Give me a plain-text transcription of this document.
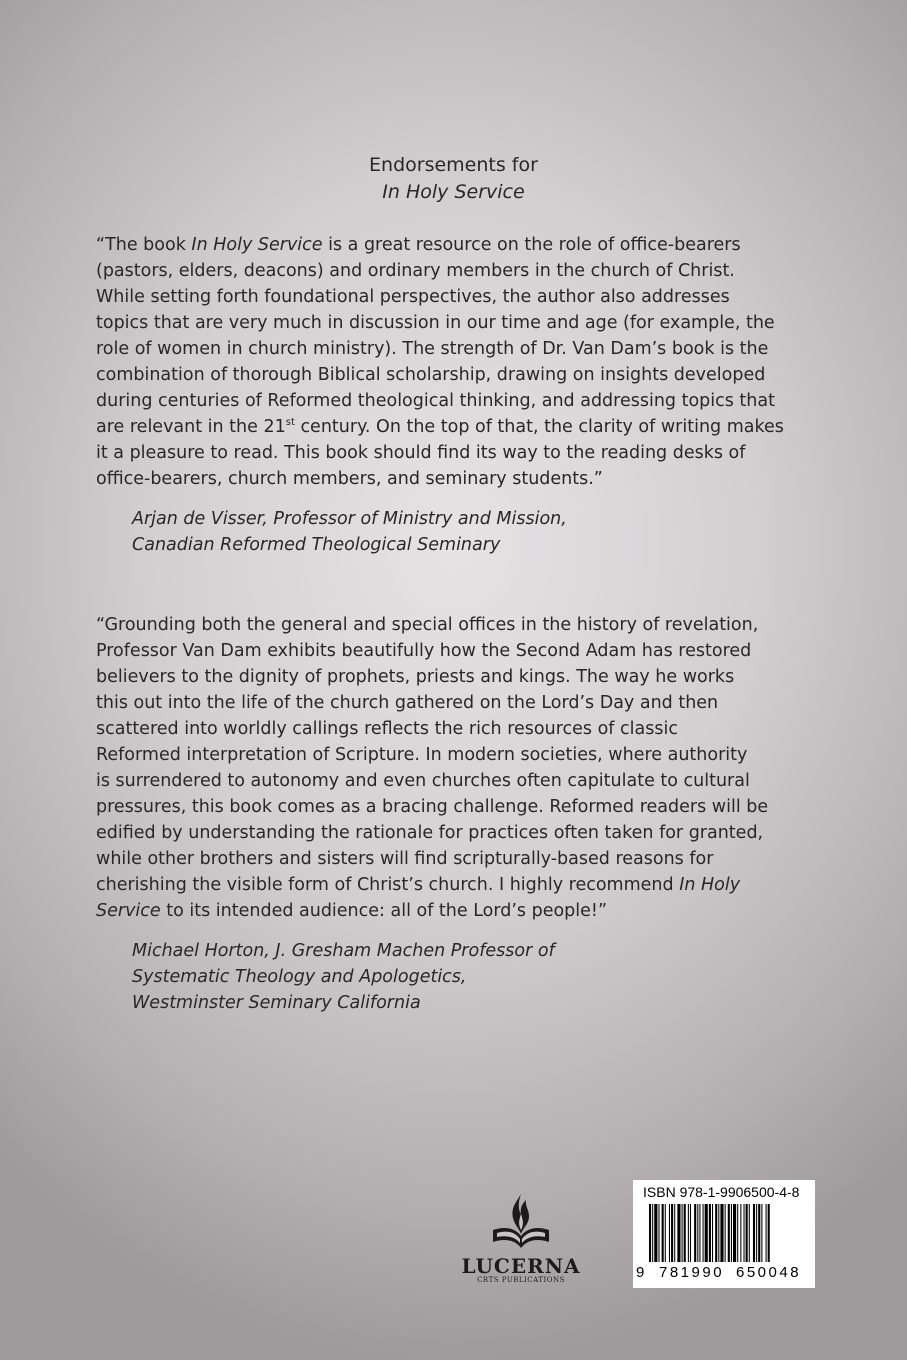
Endorsements for
In Holy Service

“The book In Holy Service is a great resource on the role of office-bearers
(pastors, elders, deacons) and ordinary members in the church of Christ.
While setting forth foundational perspectives, the author also addresses
topics that are very much in discussion in our time and age (for example, the
role of women in church ministry). The strength of Dr. Van Dam’s book is the
combination of thorough Biblical scholarship, drawing on insights developed
during centuries of Reformed theological thinking, and addressing topics that
are relevant in the 21st century. On the top of that, the clarity of writing makes
it a pleasure to read. This book should find its way to the reading desks of
office-bearers, church members, and seminary students.”

Arjan de Visser, Professor of Ministry and Mission,
Canadian Reformed Theological Seminary

“Grounding both the general and special offices in the history of revelation,
Professor Van Dam exhibits beautifully how the Second Adam has restored
believers to the dignity of prophets, priests and kings. The way he works
this out into the life of the church gathered on the Lord’s Day and then
scattered into worldly callings reflects the rich resources of classic
Reformed interpretation of Scripture. In modern societies, where authority
is surrendered to autonomy and even churches often capitulate to cultural
pressures, this book comes as a bracing challenge. Reformed readers will be
edified by understanding the rationale for practices often taken for granted,
while other brothers and sisters will find scripturally-based reasons for
cherishing the visible form of Christ’s church. I highly recommend In Holy
Service to its intended audience: all of the Lord’s people!”

Michael Horton, J. Gresham Machen Professor of
Systematic Theology and Apologetics,
Westminster Seminary California
LUCERNA
CRTS PUBLICATIONS
ISBN 978-1-9906500-4-8
9 781990 650048
